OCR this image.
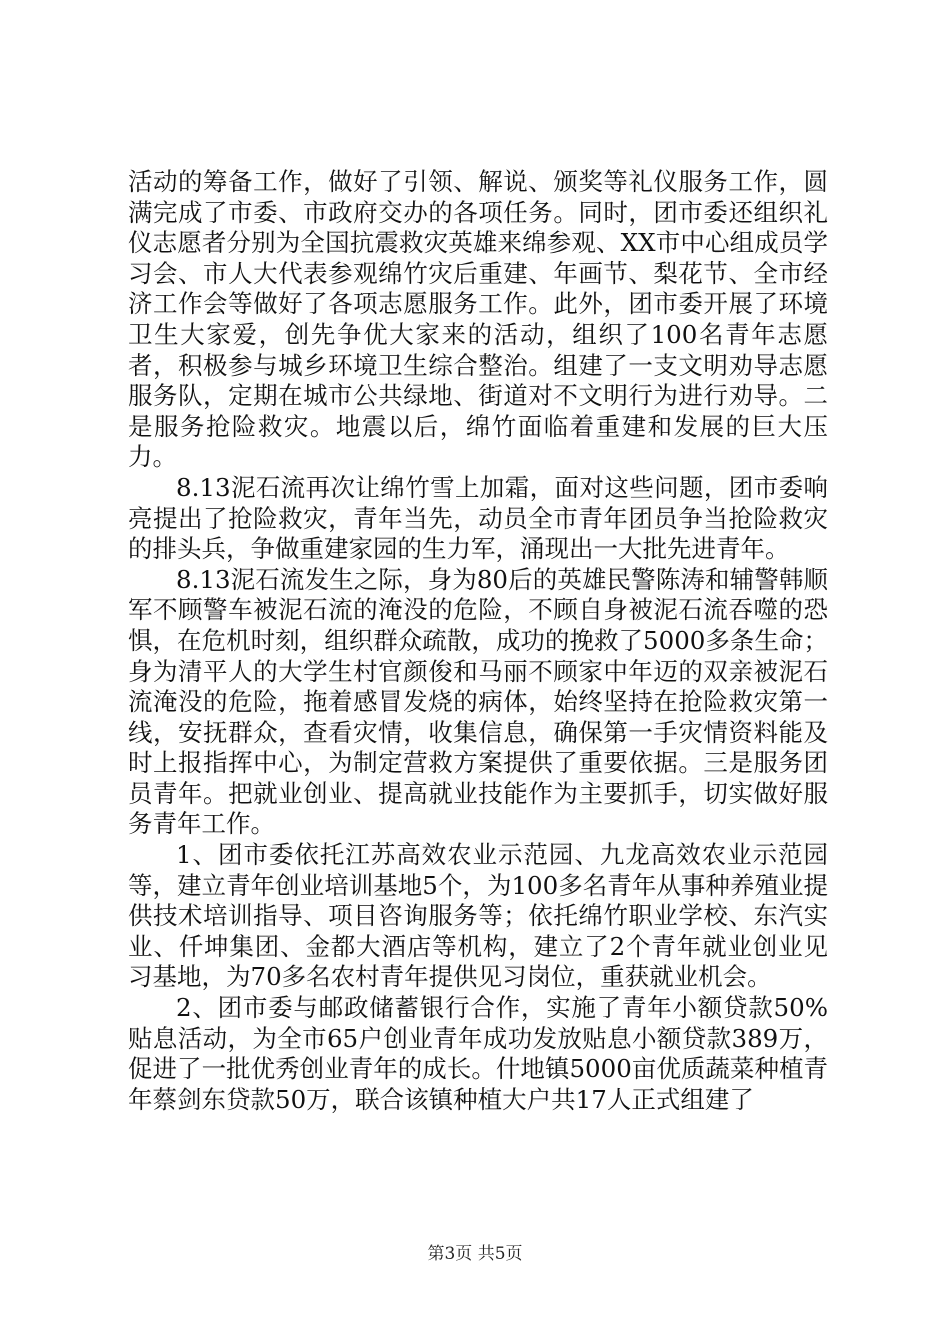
活动的筹备工作，做好了引领、解说、颁奖等礼仪服务工作，圆满完成了市委、市政府交办的各项任务。同时，团市委还组织礼仪志愿者分别为全国抗震救灾英雄来绵参观、XX市中心组成员学习会、市人大代表参观绵竹灾后重建、年画节、梨花节、全市经济工作会等做好了各项志愿服务工作。此外，团市委开展了环境卫生大家爱，创先争优大家来的活动，组织了100名青年志愿者，积极参与城乡环境卫生综合整治。组建了一支文明劝导志愿服务队，定期在城市公共绿地、街道对不文明行为进行劝导。二是服务抢险救灾。地震以后，绵竹面临着重建和发展的巨大压力。

8.13泥石流再次让绵竹雪上加霜，面对这些问题，团市委响亮提出了抢险救灾，青年当先，动员全市青年团员争当抢险救灾的排头兵，争做重建家园的生力军，涌现出一大批先进青年。

8.13泥石流发生之际，身为80后的英雄民警陈涛和辅警韩顺军不顾警车被泥石流的淹没的危险，不顾自身被泥石流吞噬的恐惧，在危机时刻，组织群众疏散，成功的挽救了5000多条生命；身为清平人的大学生村官颜俊和马丽不顾家中年迈的双亲被泥石流淹没的危险，拖着感冒发烧的病体，始终坚持在抢险救灾第一线，安抚群众，查看灾情，收集信息，确保第一手灾情资料能及时上报指挥中心，为制定营救方案提供了重要依据。三是服务团员青年。把就业创业、提高就业技能作为主要抓手，切实做好服务青年工作。

1、团市委依托江苏高效农业示范园、九龙高效农业示范园等，建立青年创业培训基地5个，为100多名青年从事种养殖业提供技术培训指导、项目咨询服务等；依托绵竹职业学校、东汽实业、仟坤集团、金都大酒店等机构，建立了2个青年就业创业见习基地，为70多名农村青年提供见习岗位，重获就业机会。

2、团市委与邮政储蓄银行合作，实施了青年小额贷款50%贴息活动，为全市65户创业青年成功发放贴息小额贷款389万，促进了一批优秀创业青年的成长。什地镇5000亩优质蔬菜种植青年蔡剑东贷款50万，联合该镇种植大户共17人正式组建了

第3页 共5页
